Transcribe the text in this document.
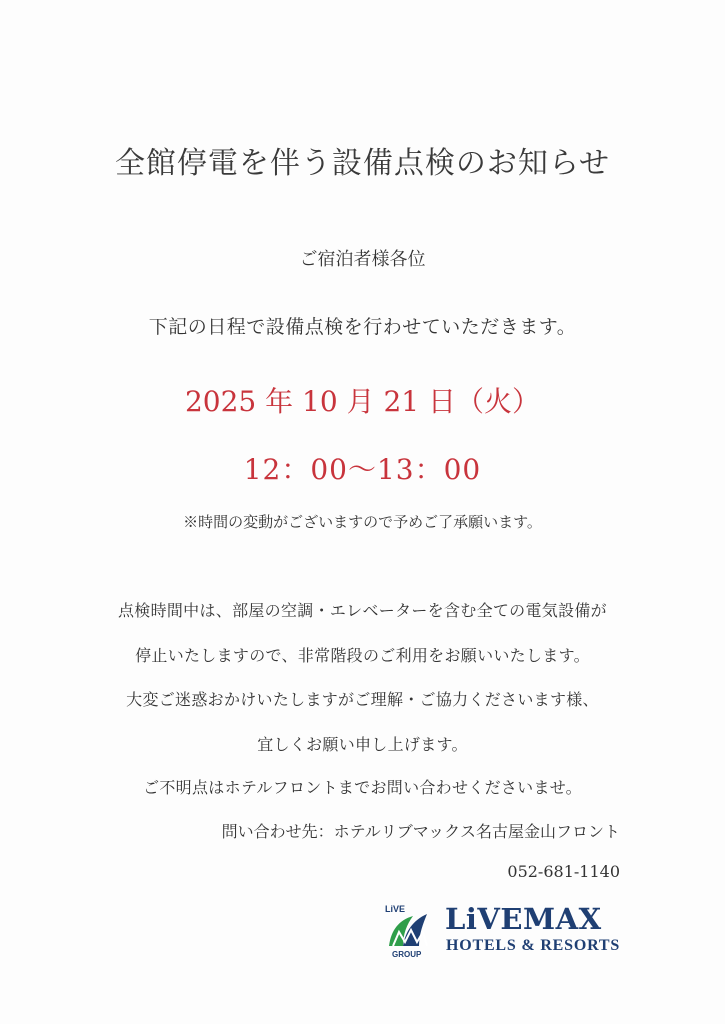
全館停電を伴う設備点検のお知らせ
ご宿泊者様各位
下記の日程で設備点検を行わせていただきます。
2025 年 10 月 21 日（火）
12：00〜13：00
※時間の変動がございますので予めご了承願います。
点検時間中は、部屋の空調・エレベーターを含む全ての電気設備が
停止いたしますので、非常階段のご利用をお願いいたします。
大変ご迷惑おかけいたしますがご理解・ご協力くださいます様、
宜しくお願い申し上げます。
ご不明点はホテルフロントまでお問い合わせくださいませ。
問い合わせ先：ホテルリブマックス名古屋金山フロント
052-681-1140
LiVE
GROUP
LiVEMAX
HOTELS & RESORTS
